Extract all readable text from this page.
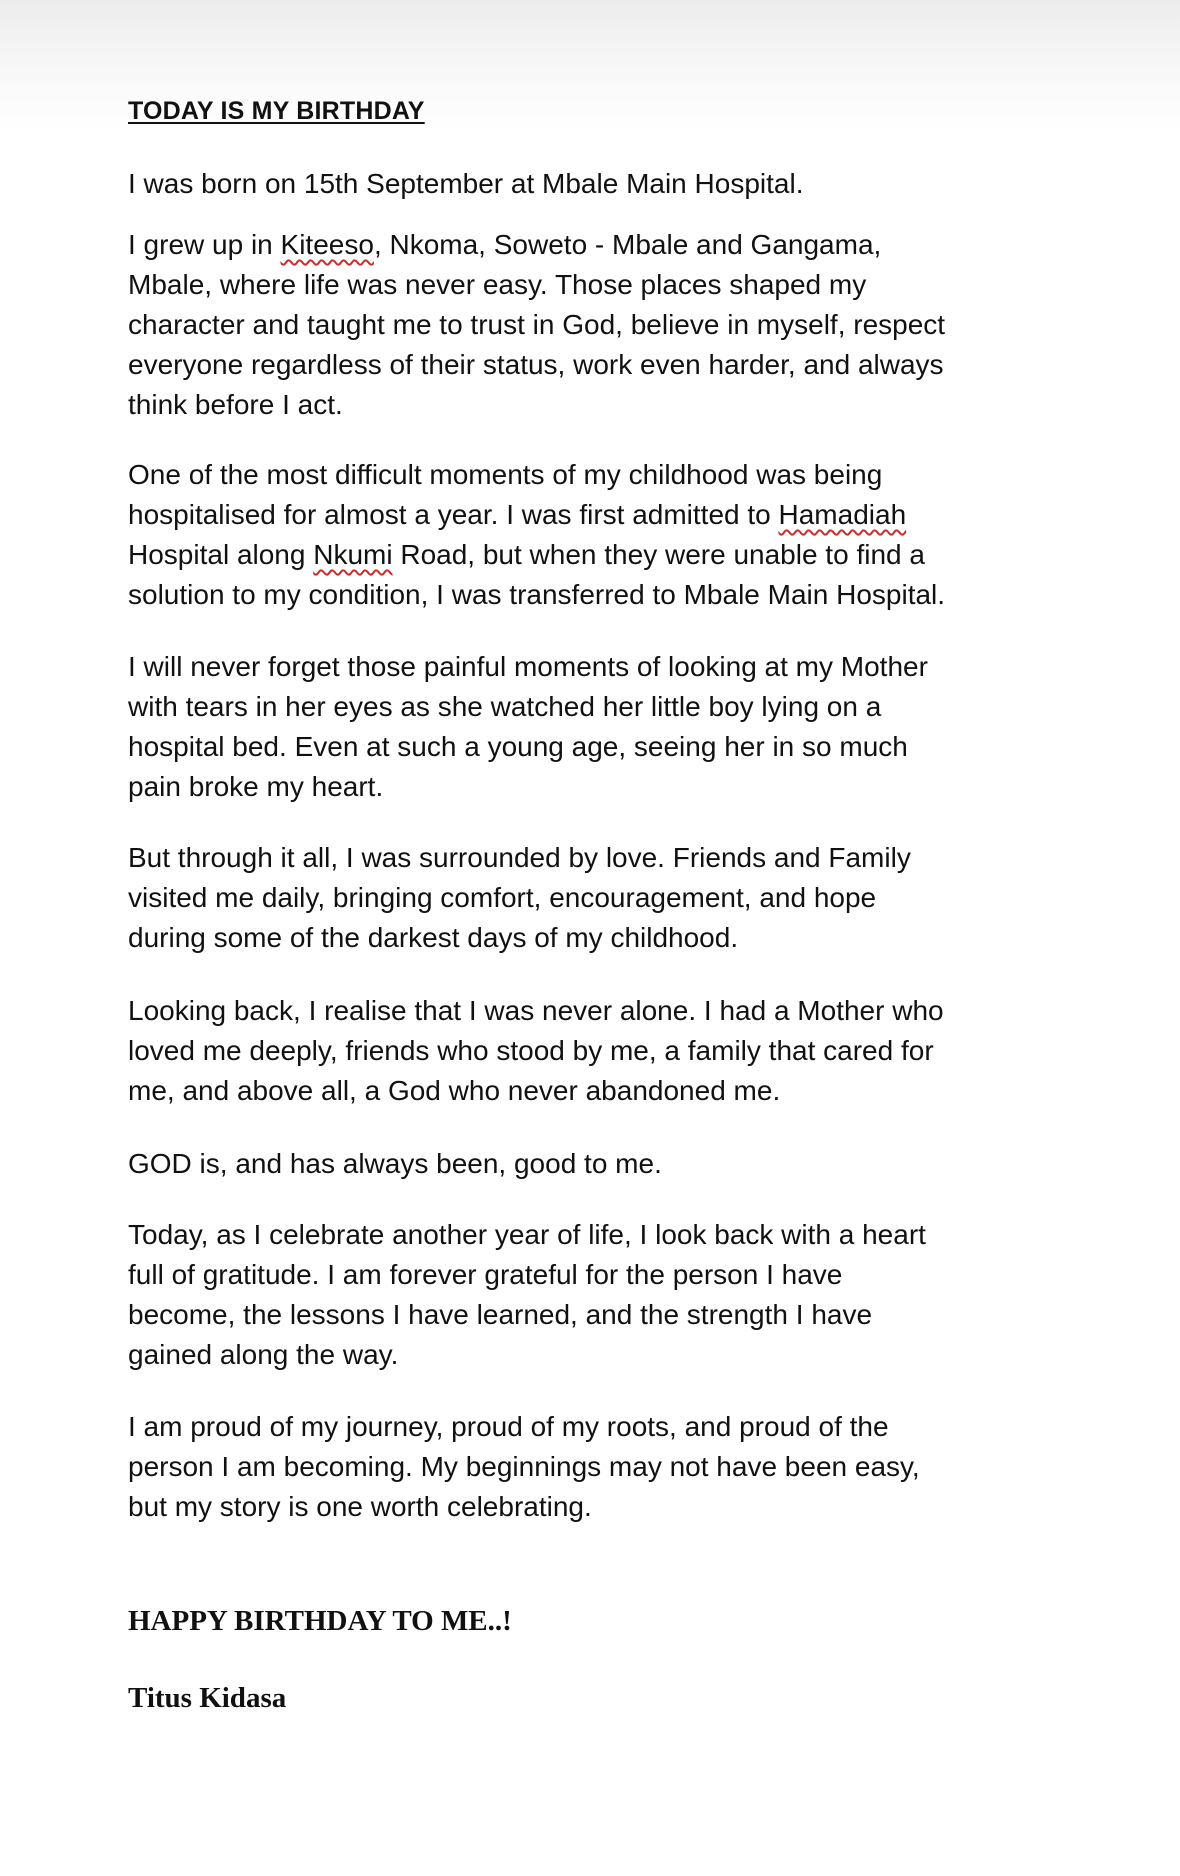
TODAY IS MY BIRTHDAY

I was born on 15th September at Mbale Main Hospital.

I grew up in Kiteeso, Nkoma, Soweto - Mbale and Gangama, Mbale, where life was never easy. Those places shaped my character and taught me to trust in God, believe in myself, respect everyone regardless of their status, work even harder, and always think before I act.

One of the most difficult moments of my childhood was being hospitalised for almost a year. I was first admitted to Hamadiah Hospital along Nkumi Road, but when they were unable to find a solution to my condition, I was transferred to Mbale Main Hospital.

I will never forget those painful moments of looking at my Mother with tears in her eyes as she watched her little boy lying on a hospital bed. Even at such a young age, seeing her in so much pain broke my heart.

But through it all, I was surrounded by love. Friends and Family visited me daily, bringing comfort, encouragement, and hope during some of the darkest days of my childhood.

Looking back, I realise that I was never alone. I had a Mother who loved me deeply, friends who stood by me, a family that cared for me, and above all, a God who never abandoned me.

GOD is, and has always been, good to me.

Today, as I celebrate another year of life, I look back with a heart full of gratitude. I am forever grateful for the person I have become, the lessons I have learned, and the strength I have gained along the way.

I am proud of my journey, proud of my roots, and proud of the person I am becoming. My beginnings may not have been easy, but my story is one worth celebrating.

HAPPY BIRTHDAY TO ME..!

Titus Kidasa
